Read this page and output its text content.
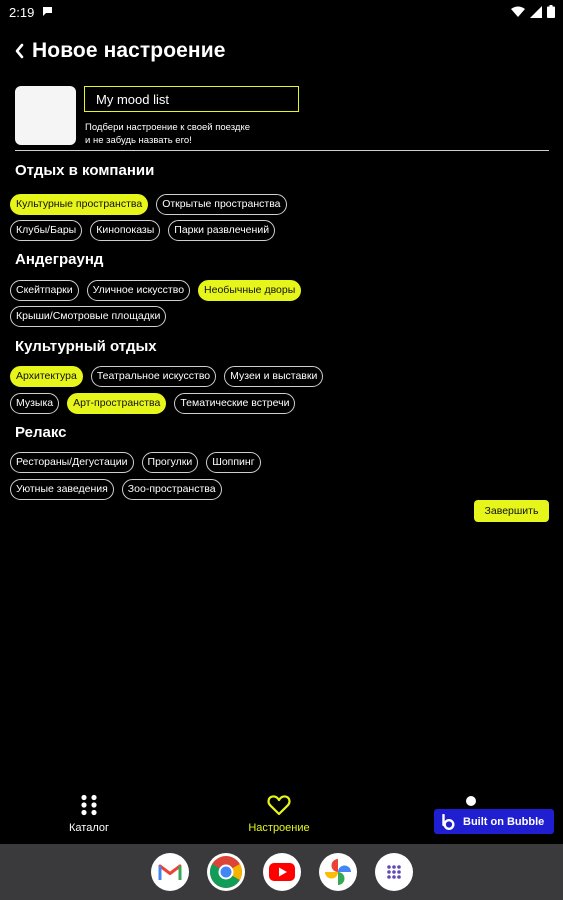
2:19
Новое настроение
My mood list
Подбери настроение к своей поездке
и не забудь назвать его!
Отдых в компании
Культурные пространства	Открытые пространства
Клубы/Бары	Кинопоказы	Парки развлечений
Андеграунд
Скейтпарки	Уличное искусство	Необычные дворы
Крыши/Смотровые площадки
Культурный отдых
Архитектура	Театральное искусство	Музеи и выставки
Музыка	Арт-пространства	Тематические встречи
Релакс
Рестораны/Дегустации	Прогулки	Шоппинг
Уютные заведения	Зоо-пространства
Завершить
Каталог	Настроение
Built on Bubble
